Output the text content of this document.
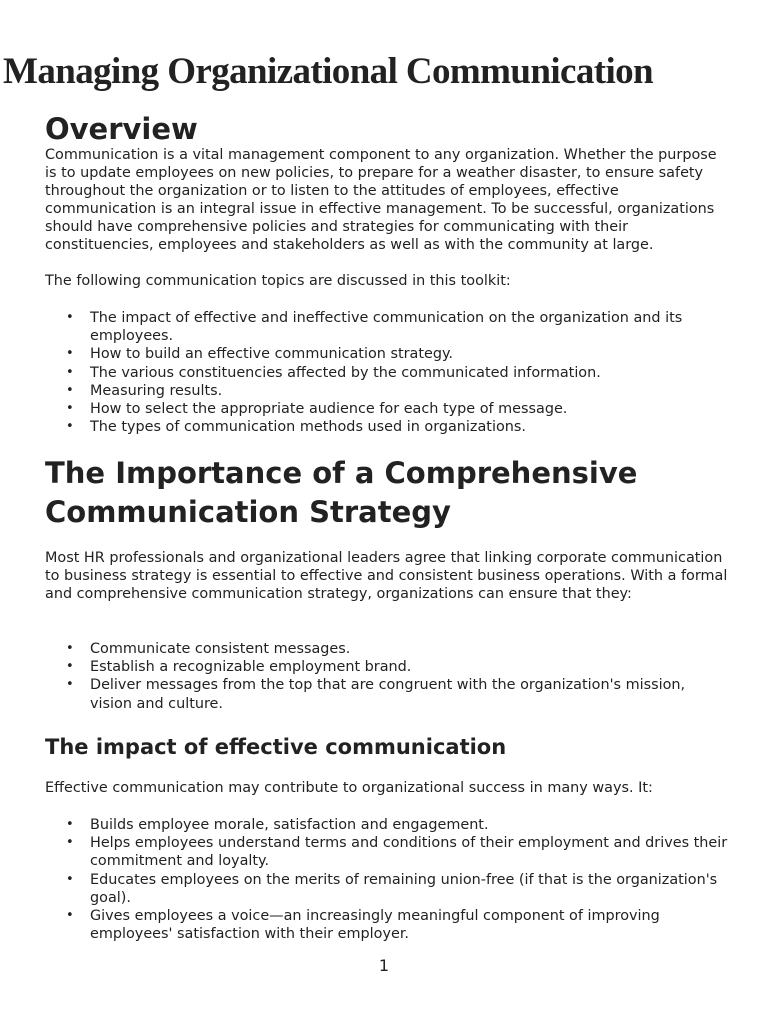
Managing Organizational Communication
Overview

Communication is a vital management component to any organization. Whether the purpose is to update employees on new policies, to prepare for a weather disaster, to ensure safety throughout the organization or to listen to the attitudes of employees, effective communication is an integral issue in effective management. To be successful, organizations should have comprehensive policies and strategies for communicating with their constituencies, employees and stakeholders as well as with the community at large.

The following communication topics are discussed in this toolkit:

• The impact of effective and ineffective communication on the organization and its employees.
• How to build an effective communication strategy.
• The various constituencies affected by the communicated information.
• Measuring results.
• How to select the appropriate audience for each type of message.
• The types of communication methods used in organizations.
The Importance of a Comprehensive
Communication Strategy

Most HR professionals and organizational leaders agree that linking corporate communication to business strategy is essential to effective and consistent business operations. With a formal and comprehensive communication strategy, organizations can ensure that they:

• Communicate consistent messages.
• Establish a recognizable employment brand.
• Deliver messages from the top that are congruent with the organization's mission, vision and culture.
The impact of effective communication

Effective communication may contribute to organizational success in many ways. It:

• Builds employee morale, satisfaction and engagement.
• Helps employees understand terms and conditions of their employment and drives their commitment and loyalty.
• Educates employees on the merits of remaining union-free (if that is the organization's goal).
• Gives employees a voice—an increasingly meaningful component of improving employees' satisfaction with their employer.
1
